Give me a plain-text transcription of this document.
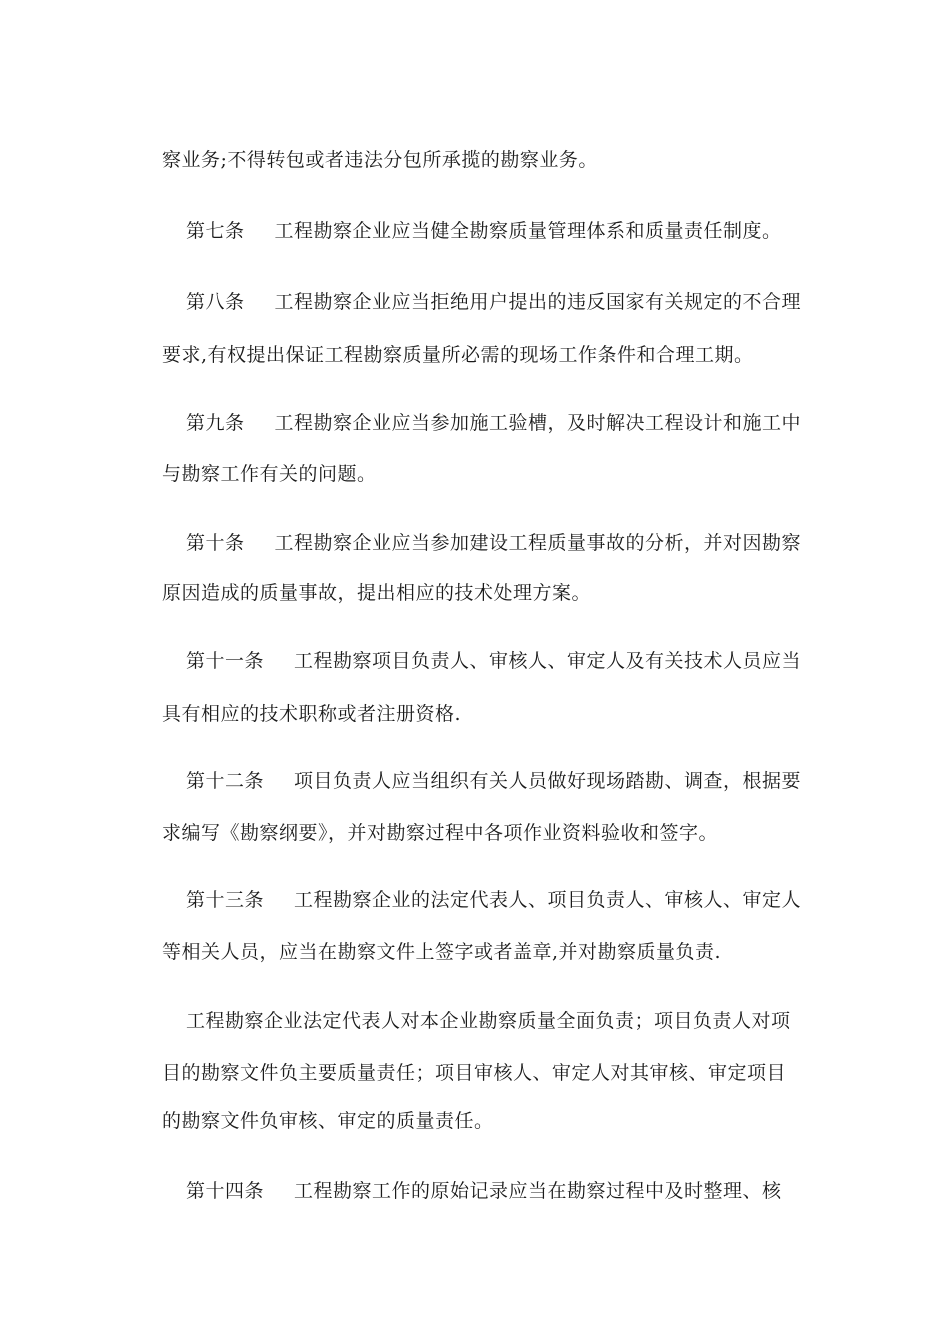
察业务;不得转包或者违法分包所承揽的勘察业务。
第七条 工程勘察企业应当健全勘察质量管理体系和质量责任制度。
第八条 工程勘察企业应当拒绝用户提出的违反国家有关规定的不合理
要求,有权提出保证工程勘察质量所必需的现场工作条件和合理工期。
第九条 工程勘察企业应当参加施工验槽，及时解决工程设计和施工中
与勘察工作有关的问题。
第十条 工程勘察企业应当参加建设工程质量事故的分析，并对因勘察
原因造成的质量事故，提出相应的技术处理方案。
第十一条 工程勘察项目负责人、审核人、审定人及有关技术人员应当
具有相应的技术职称或者注册资格.
第十二条 项目负责人应当组织有关人员做好现场踏勘、调查，根据要
求编写《勘察纲要》，并对勘察过程中各项作业资料验收和签字。
第十三条 工程勘察企业的法定代表人、项目负责人、审核人、审定人
等相关人员，应当在勘察文件上签字或者盖章,并对勘察质量负责.
工程勘察企业法定代表人对本企业勘察质量全面负责；项目负责人对项
目的勘察文件负主要质量责任；项目审核人、审定人对其审核、审定项目
的勘察文件负审核、审定的质量责任。
第十四条 工程勘察工作的原始记录应当在勘察过程中及时整理、核
